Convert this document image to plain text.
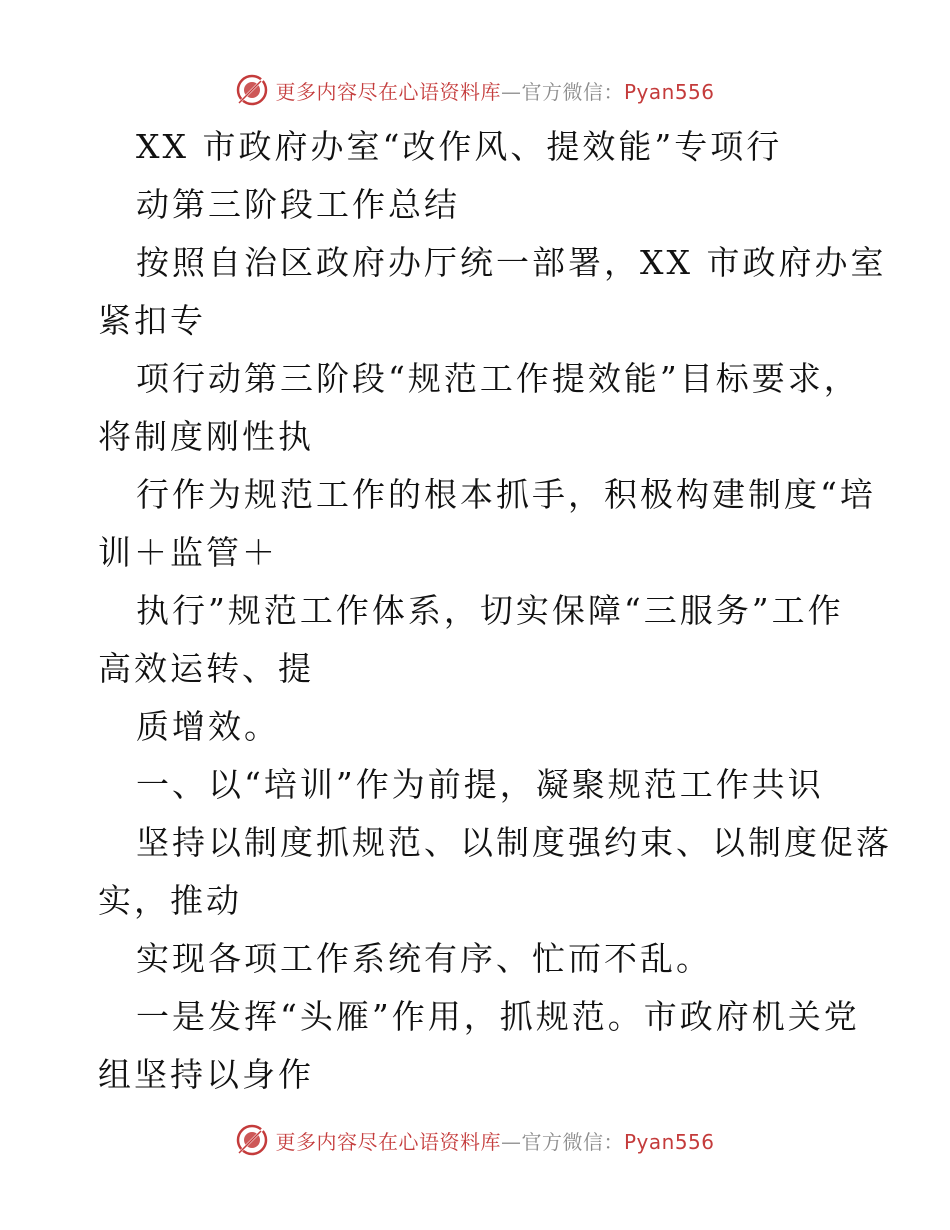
更多内容尽在心语资料库—官方微信：Pyan556
XX 市政府办室“改作风、提效能”专项行
动第三阶段工作总结
按照自治区政府办厅统一部署，XX 市政府办室
紧扣专
项行动第三阶段“规范工作提效能”目标要求，
将制度刚性执
行作为规范工作的根本抓手，积极构建制度“培
训＋监管＋
执行”规范工作体系，切实保障“三服务”工作
高效运转、提
质增效。
一、以“培训”作为前提，凝聚规范工作共识
坚持以制度抓规范、以制度强约束、以制度促落
实，推动
实现各项工作系统有序、忙而不乱。
一是发挥“头雁”作用，抓规范。市政府机关党
组坚持以身作
更多内容尽在心语资料库—官方微信：Pyan556
